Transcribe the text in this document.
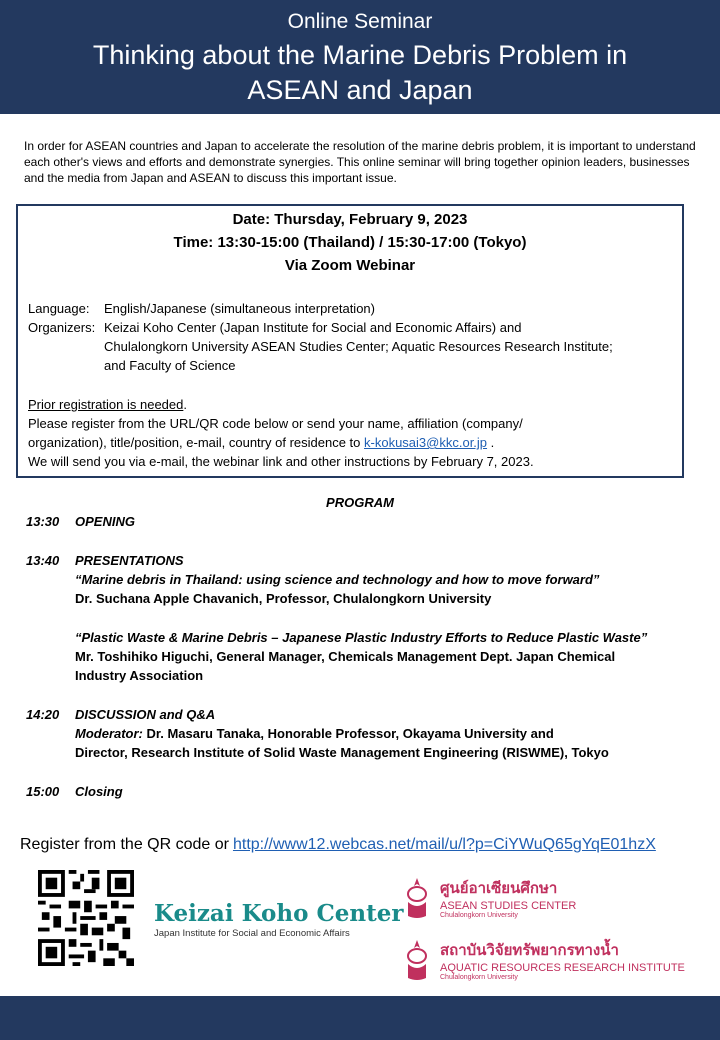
Online Seminar
Thinking about the Marine Debris Problem in
ASEAN and Japan
In order for ASEAN countries and Japan to accelerate the resolution of the marine debris problem, it is important to understand each other's views and efforts and demonstrate synergies. This online seminar will bring together opinion leaders, businesses and the media from Japan and ASEAN to discuss this important issue.
Date: Thursday, February 9, 2023
Time: 13:30-15:00 (Thailand) / 15:30-17:00 (Tokyo)
Via Zoom Webinar
Language: English/Japanese (simultaneous interpretation)
Organizers: Keizai Koho Center (Japan Institute for Social and Economic Affairs) and
Chulalongkorn University ASEAN Studies Center; Aquatic Resources Research Institute;
and Faculty of Science
Prior registration is needed.
Please register from the URL/QR code below or send your name, affiliation (company/
organization), title/position, e-mail, country of residence to k-kokusai3@kkc.or.jp .
We will send you via e-mail, the webinar link and other instructions by February 7, 2023.
PROGRAM
13:30 OPENING
13:40 PRESENTATIONS
“Marine debris in Thailand: using science and technology and how to move forward”
Dr. Suchana Apple Chavanich, Professor, Chulalongkorn University
“Plastic Waste & Marine Debris – Japanese Plastic Industry Efforts to Reduce Plastic Waste”
Mr. Toshihiko Higuchi, General Manager, Chemicals Management Dept. Japan Chemical
Industry Association
14:20 DISCUSSION and Q&A
Moderator: Dr. Masaru Tanaka, Honorable Professor, Okayama University and
Director, Research Institute of Solid Waste Management Engineering (RISWME), Tokyo
15:00 Closing
Register from the QR code or http://www12.webcas.net/mail/u/l?p=CiYWuQ65gYqE01hzX
Keizai Koho Center
Japan Institute for Social and Economic Affairs
ศูนย์อาเซียนศึกษา
ASEAN STUDIES CENTER
Chulalongkorn University
สถาบันวิจัยทรัพยากรทางน้ำ
AQUATIC RESOURCES RESEARCH INSTITUTE
Chulalongkorn University
